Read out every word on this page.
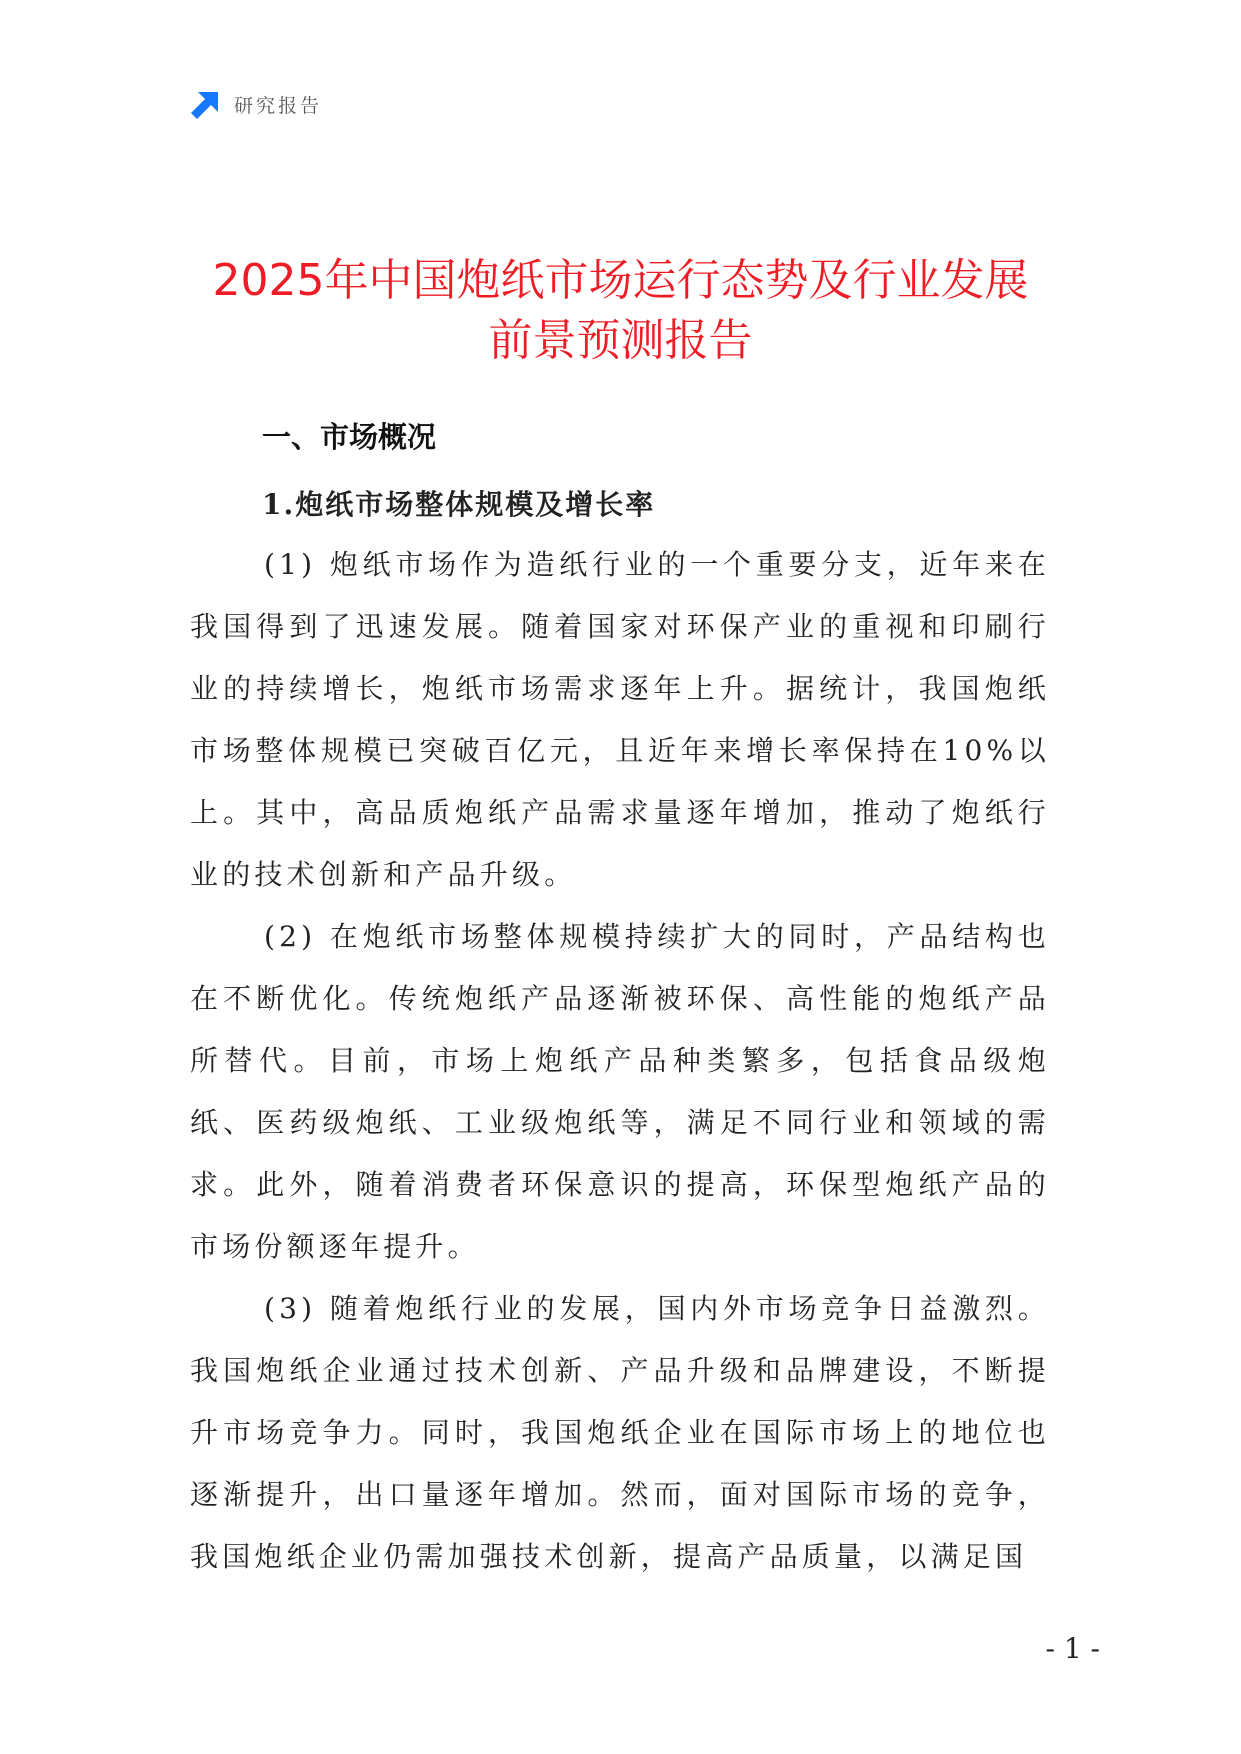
研究报告
2025年中国炮纸市场运行态势及行业发展
前景预测报告
一、市场概况
1.炮纸市场整体规模及增长率

(1) 炮纸市场作为造纸行业的一个重要分支，近年来在我国得到了迅速发展。随着国家对环保产业的重视和印刷行业的持续增长，炮纸市场需求逐年上升。据统计，我国炮纸市场整体规模已突破百亿元，且近年来增长率保持在10%以上。其中，高品质炮纸产品需求量逐年增加，推动了炮纸行业的技术创新和产品升级。

(2) 在炮纸市场整体规模持续扩大的同时，产品结构也在不断优化。传统炮纸产品逐渐被环保、高性能的炮纸产品所替代。目前，市场上炮纸产品种类繁多，包括食品级炮纸、医药级炮纸、工业级炮纸等，满足不同行业和领域的需求。此外，随着消费者环保意识的提高，环保型炮纸产品的市场份额逐年提升。

(3) 随着炮纸行业的发展，国内外市场竞争日益激烈。我国炮纸企业通过技术创新、产品升级和品牌建设，不断提升市场竞争力。同时，我国炮纸企业在国际市场上的地位也逐渐提升，出口量逐年增加。然而，面对国际市场的竞争，我国炮纸企业仍需加强技术创新，提高产品质量，以满足国

- 1 -
